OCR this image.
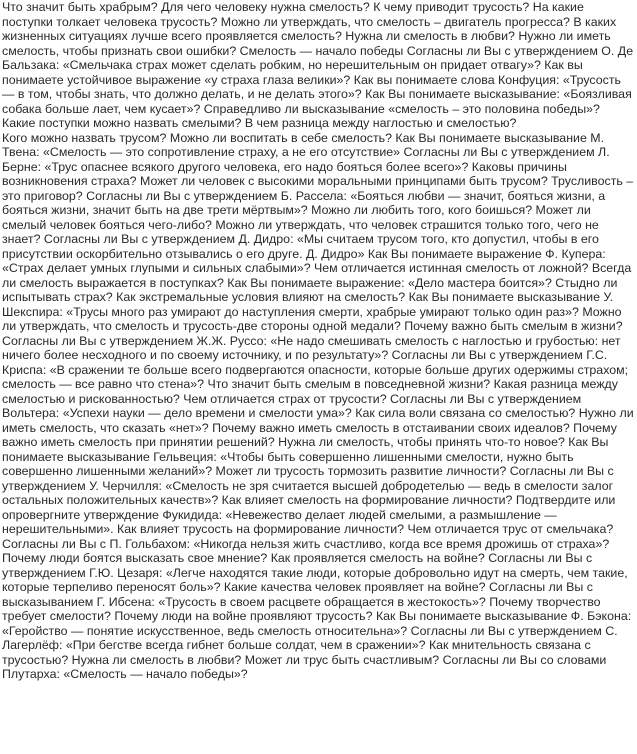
Что значит быть храбрым? Для чего человеку нужна смелость? К чему приводит трусость? На какие поступки толкает человека трусость? Можно ли утверждать, что смелость – двигатель прогресса? В каких жизненных ситуациях лучше всего проявляется смелость? Нужна ли смелость в любви? Нужно ли иметь смелость, чтобы признать свои ошибки? Смелость — начало победы Согласны ли Вы с утверждением О. Де Бальзака: «Смельчака страх может сделать робким, но нерешительным он придает отвагу»? Как вы понимаете устойчивое выражение «у страха глаза велики»? Как вы понимаете слова Конфуция: «Трусость — в том, чтобы знать, что должно делать, и не делать этого»? Как Вы понимаете высказывание: «Боязливая собака больше лает, чем кусает»? Справедливо ли высказывание «смелость – это половина победы»? Какие поступки можно назвать смелыми? В чем разница между наглостью и смелостью?

Кого можно назвать трусом? Можно ли воспитать в себе смелость? Как Вы понимаете высказывание М. Твена: «Смелость — это сопротивление страху, а не его отсутствие» Согласны ли Вы с утверждением Л. Берне: «Трус опаснее всякого другого человека, его надо бояться более всего»? Каковы причины возникновения страха? Может ли человек с высокими моральными принципами быть трусом? Трусливость –это приговор? Согласны ли Вы с утверждением Б. Рассела: «Бояться любви — значит, бояться жизни, а бояться жизни, значит быть на две трети мёртвым»? Можно ли любить того, кого боишься? Может ли смелый человек бояться чего-либо? Можно ли утверждать, что человек страшится только того, чего не знает? Согласны ли Вы с утверждением Д. Дидро: «Мы считаем трусом того, кто допустил, чтобы в его присутствии оскорбительно отзывались о его друге. Д. Дидро» Как Вы понимаете выражение Ф. Купера: «Страх делает умных глупыми и сильных слабыми»? Чем отличается истинная смелость от ложной? Всегда ли смелость выражается в поступках? Как Вы понимаете выражение: «Дело мастера боится»? Стыдно ли испытывать страх? Как экстремальные условия влияют на смелость? Как Вы понимаете высказывание У. Шекспира: «Трусы много раз умирают до наступления смерти, храбрые умирают только один раз»? Можно ли утверждать, что смелость и трусость-две стороны одной медали? Почему важно быть смелым в жизни? Согласны ли Вы с утверждением Ж.Ж. Руссо: «Не надо смешивать смелость с наглостью и грубостью: нет ничего более несходного и по своему источнику, и по результату»? Согласны ли Вы с утверждением Г.С. Криспа: «В сражении те больше всего подвергаются опасности, которые больше других одержимы страхом; смелость — все равно что стена»? Что значит быть смелым в повседневной жизни? Какая разница между смелостью и рискованностью? Чем отличается страх от трусости? Согласны ли Вы с утверждением Вольтера: «Успехи науки — дело времени и смелости ума»? Как сила воли связана со смелостью? Нужно ли иметь смелость, что сказать «нет»? Почему важно иметь смелость в отстаивании своих идеалов? Почему важно иметь смелость при принятии решений? Нужна ли смелость, чтобы принять что-то новое? Как Вы понимаете высказывание Гельвеция: «Чтобы быть совершенно лишенными смелости, нужно быть совершенно лишенными желаний»? Может ли трусость тормозить развитие личности? Согласны ли Вы с утверждением У. Черчилля: «Смелость не зря считается высшей добродетелью — ведь в смелости залог остальных положительных качеств»? Как влияет смелость на формирование личности? Подтвердите или опровергните утверждение Фукидида: «Невежество делает людей смелыми, а размышление — нерешительными». Как влияет трусость на формирование личности? Чем отличается трус от смельчака? Согласны ли Вы с П. Гольбахом: «Никогда нельзя жить счастливо, когда все время дрожишь от страха»? Почему люди боятся высказать свое мнение? Как проявляется смелость на войне? Согласны ли Вы с утверждением Г.Ю. Цезаря: «Легче находятся такие люди, которые добровольно идут на смерть, чем такие, которые терпеливо переносят боль»? Какие качества человек проявляет на войне? Согласны ли Вы с высказыванием Г. Ибсена: «Трусость в своем расцвете обращается в жестокость»? Почему творчество требует смелости? Почему люди на войне проявляют трусость? Как Вы понимаете высказывание Ф. Бэкона: «Геройство — понятие искусственное, ведь смелость относительна»? Согласны ли Вы с утверждением С. Лагерлёф: «При бегстве всегда гибнет больше солдат, чем в сражении»? Как мнительность связана с трусостью? Нужна ли смелость в любви? Может ли трус быть счастливым? Согласны ли Вы со словами Плутарха: «Смелость — начало победы»?
